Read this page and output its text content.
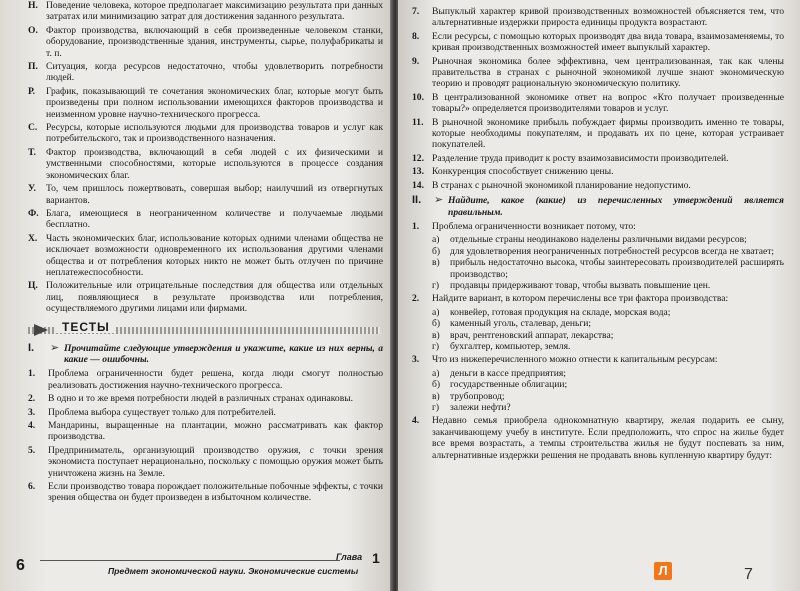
Н. Поведение человека, которое предполагает максимизацию результата при данных затратах или минимизацию затрат для достижения заданного результата.
О. Фактор производства, включающий в себя произведенные человеком станки, оборудование, производственные здания, инструменты, сырье, полуфабрикаты и т. п.
П. Ситуация, когда ресурсов недостаточно, чтобы удовлетворить потребности людей.
Р.	График, показывающий те сочетания экономических благ, которые могут быть произведены при полном использовании имеющихся факторов производства и неизменном уровне научно-технического прогресса.
С. Ресурсы, которые используются людьми для производства товаров и услуг как потребительского, так и производственного назначения.
Т.	Фактор производства, включающий в себя людей с их физическими и умственными способностями, которые используются в процессе создания экономических благ.
У.	То, чем пришлось пожертвовать, совершая выбор; наилучший из отвергнутых вариантов.
Ф. Блага, имеющиеся в неограниченном количестве и получаемые людьми бесплатно.
Х. Часть экономических благ, использование которых одними членами общества не исключает возможности одновременного их использования другими членами общества и от потребления которых никто не может быть отлучен по причине неплатежеспособности.
Ц. Положительные или отрицательные последствия для общества или отдельных лиц, появляющиеся в результате производства или потребления, осуществляемого другими лицами или фирмами.
ТЕСТЫ
I.	➢ Прочитайте следующие утверждения и укажите, какие из них верны, а какие — ошибочны.
1.	Проблема ограниченности будет решена, когда люди смогут полностью реализовать достижения научно-технического прогресса.
2.	В одно и то же время потребности людей в различных странах одинаковы.
3.	Проблема выбора существует только для потребителей.
4.	Мандарины, выращенные на плантации, можно рассматривать как фактор производства.
5.	Предприниматель, организующий производство оружия, с точки зрения экономиста поступает нерационально, поскольку с помощью оружия может быть уничтожена жизнь на Земле.
6.	Если производство товара порождает положительные побочные эффекты, с точки зрения общества он будет произведен в избыточном количестве.
6	Глава 1
Предмет экономической науки. Экономические системы
7.	Выпуклый характер кривой производственных возможностей объясняется тем, что альтернативные издержки прироста единицы продукта возрастают.
8.	Если ресурсы, с помощью которых производят два вида товара, взаимозаменяемы, то кривая производственных возможностей имеет выпуклый характер.
9.	Рыночная экономика более эффективна, чем централизованная, так как члены правительства в странах с рыночной экономикой лучше знают экономическую теорию и проводят рациональную экономическую политику.
10. В централизованной экономике ответ на вопрос «Кто получает произведенные товары?» определяется производителями товаров и услуг.
11. В рыночной экономике прибыль побуждает фирмы производить именно те товары, которые необходимы покупателям, и продавать их по цене, которая устраивает покупателей.
12. Разделение труда приводит к росту взаимозависимости производителей.
13. Конкуренция способствует снижению цены.
14. В странах с рыночной экономикой планирование недопустимо.
II.	➢ Найдите, какое (какие) из перечисленных утверждений является правильным.
1.	Проблема ограниченности возникает потому, что:
а)	отдельные страны неодинаково наделены различными видами ресурсов;
б)	для удовлетворения неограниченных потребностей ресурсов всегда не хватает;
в)	прибыль недостаточно высока, чтобы заинтересовать производителей расширять производство;
г)	продавцы придерживают товар, чтобы вызвать повышение цен.
2.	Найдите вариант, в котором перечислены все три фактора производства:
а)	конвейер, готовая продукция на складе, морская вода;
б)	каменный уголь, сталевар, деньги;
в)	врач, рентгеновский аппарат, лекарства;
г)	бухгалтер, компьютер, земля.
3.	Что из нижеперечисленного можно отнести к капитальным ресурсам:
а)	деньги в кассе предприятия;
б)	государственные облигации;
в)	трубопровод;
г)	залежи нефти?
4.	Недавно семья приобрела однокомнатную квартиру, желая подарить ее сыну, заканчивающему учебу в институте. Если предположить, что спрос на жилье будет все время возрастать, а темпы строительства жилья не будут поспевать за ним, альтернативные издержки решения не продавать вновь купленную квартиру будут:
7
Л
